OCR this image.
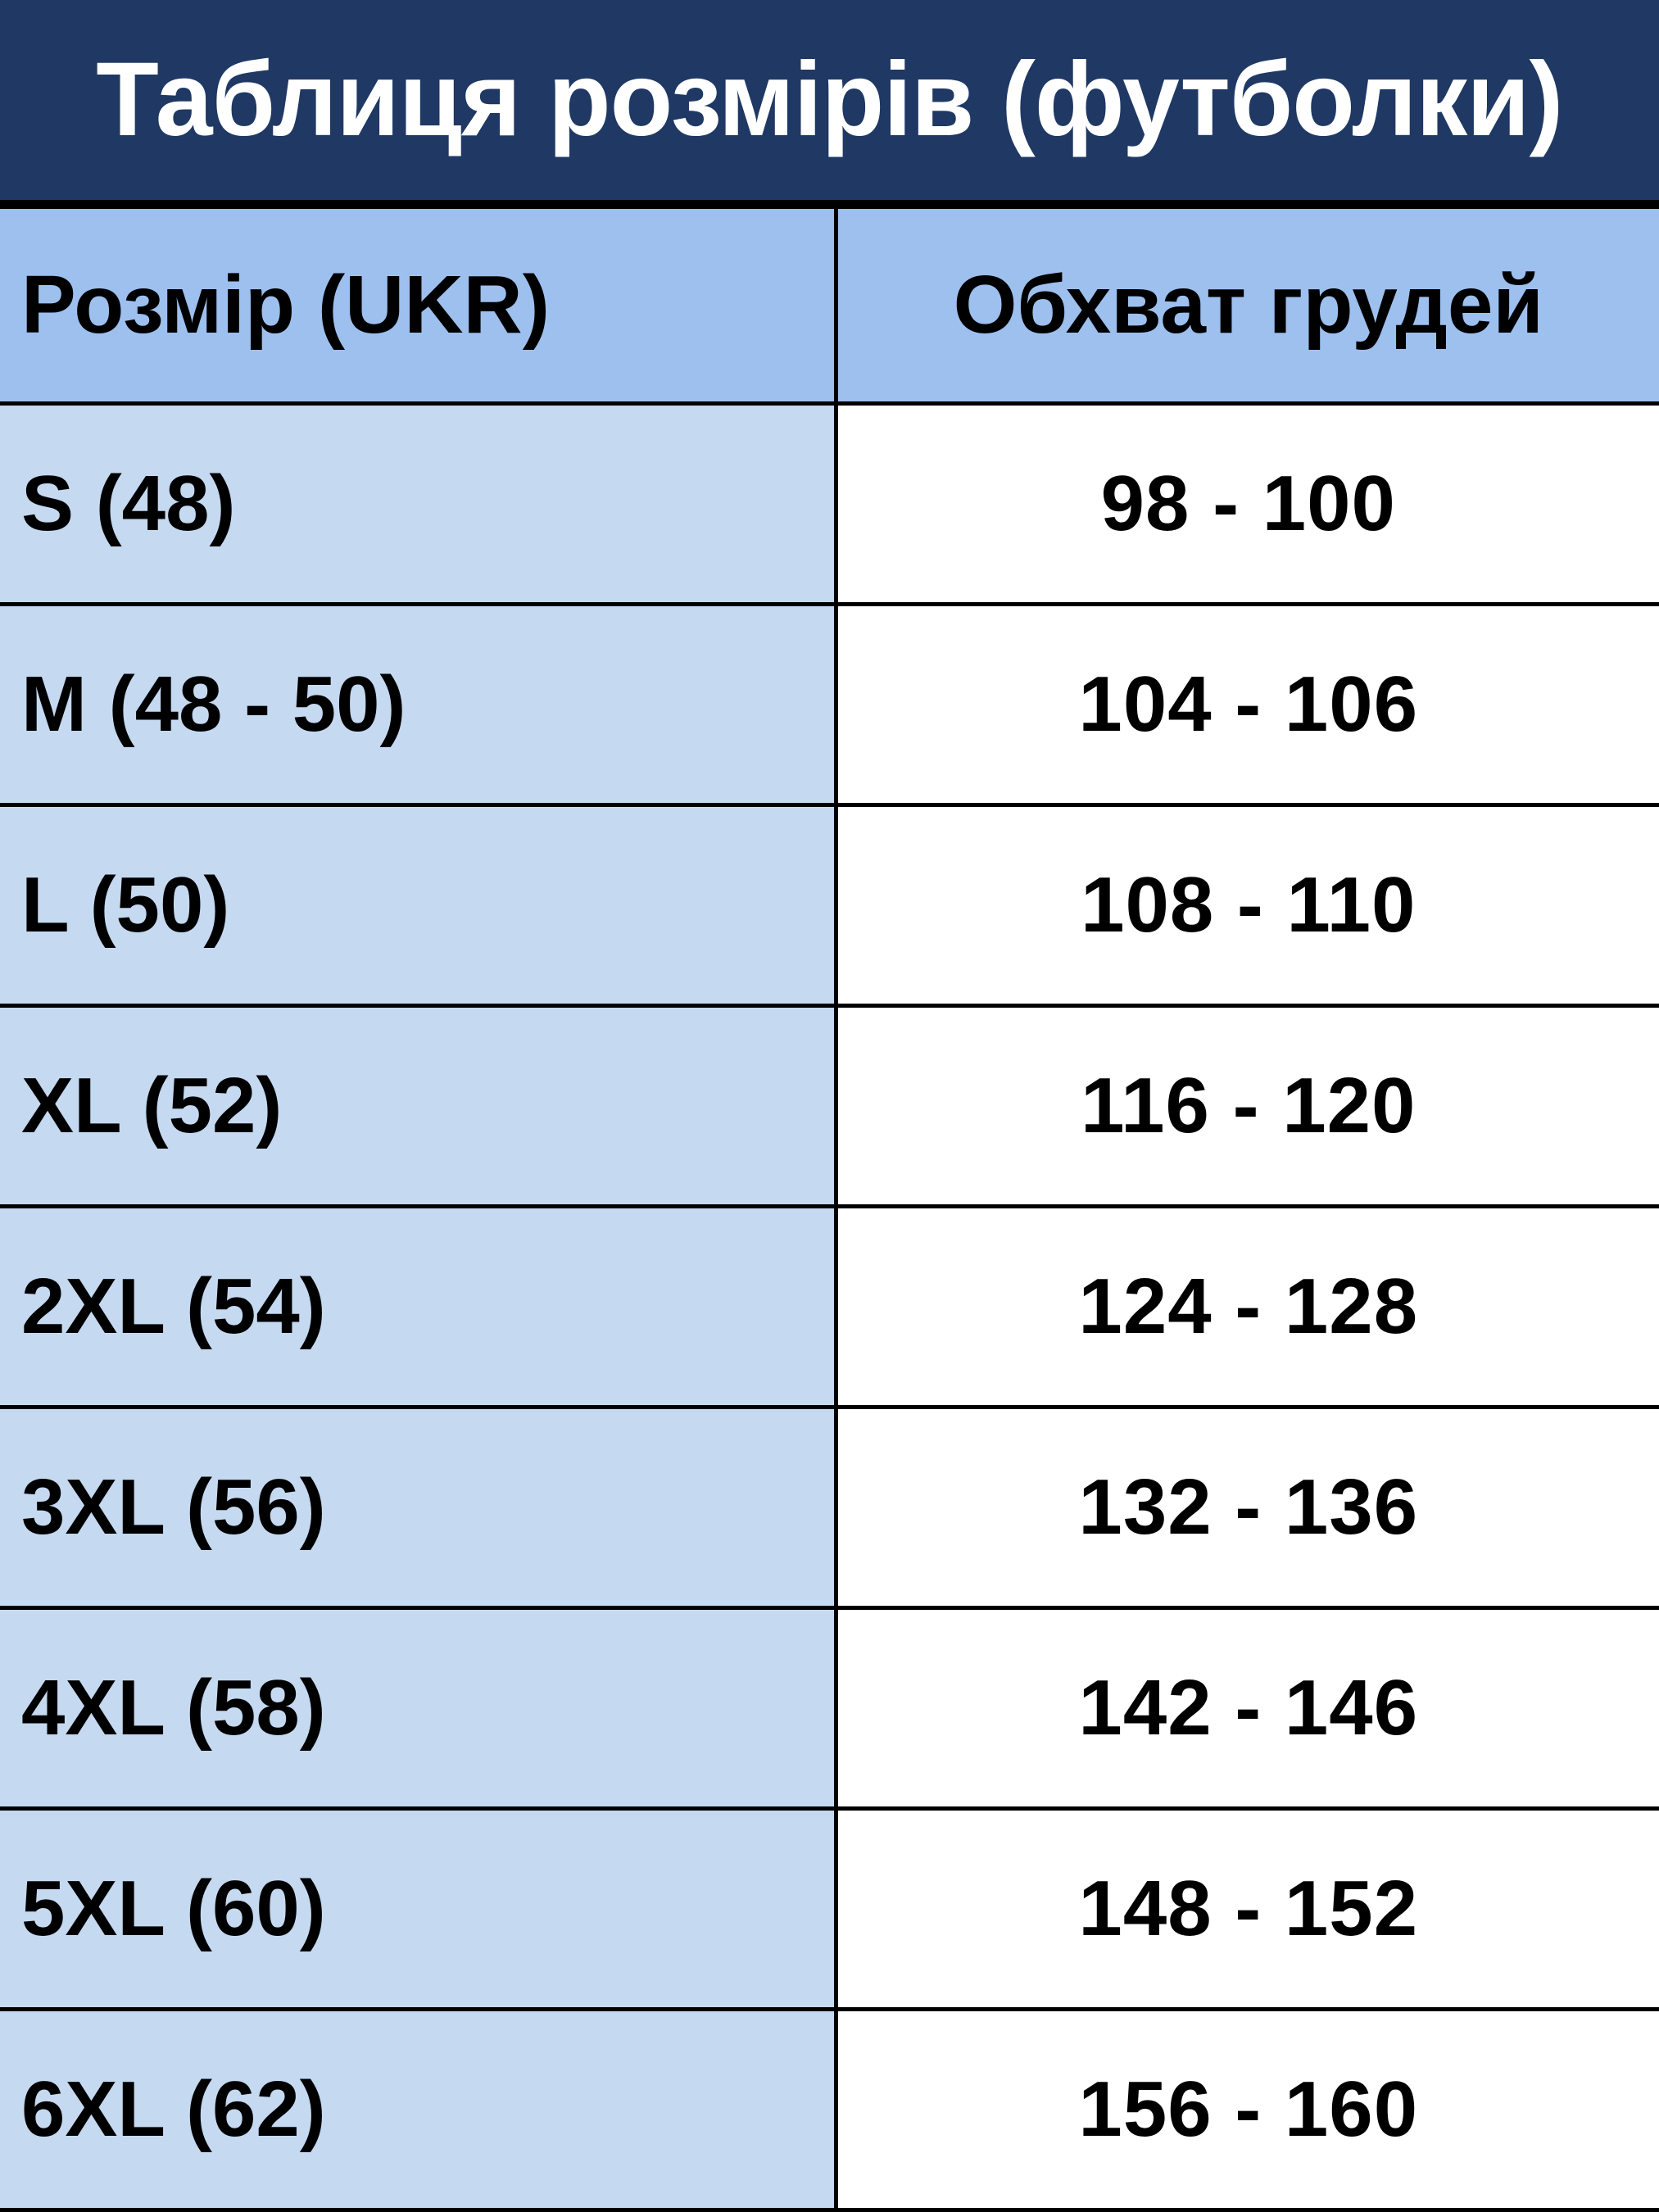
Таблиця розмірів (футболки)
Розмір (UKR)	Обхват грудей
S (48)	98 - 100
M (48 - 50)	104 - 106
L (50)	108 - 110
XL (52)	116 - 120
2XL (54)	124 - 128
3XL (56)	132 - 136
4XL (58)	142 - 146
5XL (60)	148 - 152
6XL (62)	156 - 160
